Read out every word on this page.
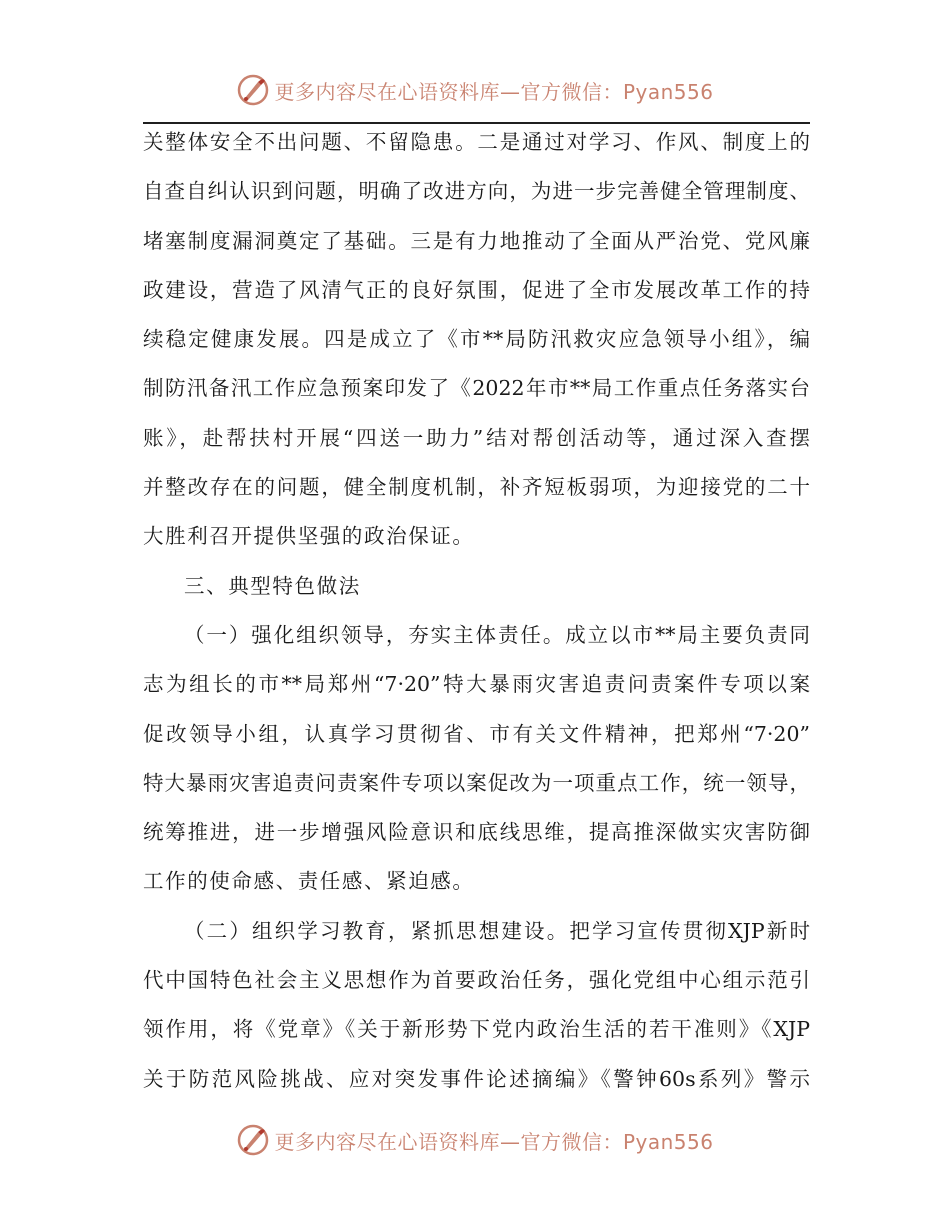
更多内容尽在心语资料库—官方微信：Pyan556
关整体安全不出问题、不留隐患。二是通过对学习、作风、制度上的
自查自纠认识到问题，明确了改进方向，为进一步完善健全管理制度、
堵塞制度漏洞奠定了基础。三是有力地推动了全面从严治党、党风廉
政建设，营造了风清气正的良好氛围，促进了全市发展改革工作的持
续稳定健康发展。四是成立了《市**局防汛救灾应急领导小组》，编
制防汛备汛工作应急预案印发了《2022年市**局工作重点任务落实台
账》，赴帮扶村开展“四送一助力”结对帮创活动等，通过深入查摆
并整改存在的问题，健全制度机制，补齐短板弱项，为迎接党的二十
大胜利召开提供坚强的政治保证。
三、典型特色做法
（一）强化组织领导，夯实主体责任。成立以市**局主要负责同
志为组长的市**局郑州“7·20”特大暴雨灾害追责问责案件专项以案
促改领导小组，认真学习贯彻省、市有关文件精神，把郑州“7·20”
特大暴雨灾害追责问责案件专项以案促改为一项重点工作，统一领导，
统筹推进，进一步增强风险意识和底线思维，提高推深做实灾害防御
工作的使命感、责任感、紧迫感。
（二）组织学习教育，紧抓思想建设。把学习宣传贯彻XJP新时
代中国特色社会主义思想作为首要政治任务，强化党组中心组示范引
领作用，将《党章》《关于新形势下党内政治生活的若干准则》《XJP
关于防范风险挑战、应对突发事件论述摘编》《警钟60s系列》警示
更多内容尽在心语资料库—官方微信：Pyan556
